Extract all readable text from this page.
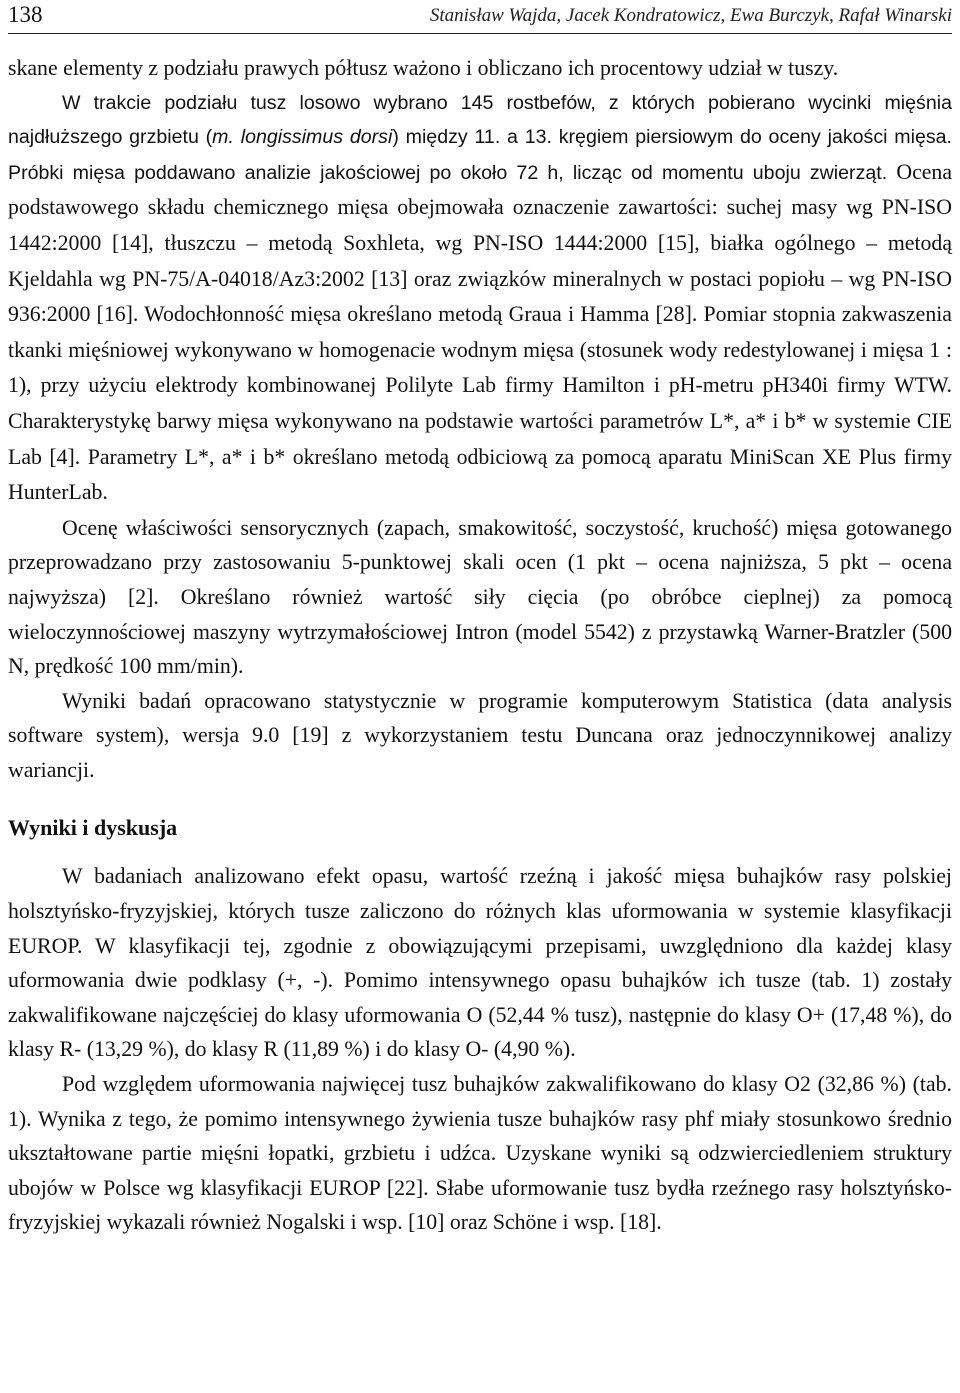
138	Stanisław Wajda, Jacek Kondratowicz, Ewa Burczyk, Rafał Winarski

skane elementy z podziału prawych półtusz ważono i obliczano ich procentowy udział w tuszy.

W trakcie podziału tusz losowo wybrano 145 rostbefów, z których pobierano wycinki mięśnia najdłuższego grzbietu (m. longissimus dorsi) między 11. a 13. kręgiem piersiowym do oceny jakości mięsa. Próbki mięsa poddawano analizie jakościowej po około 72 h, licząc od momentu uboju zwierząt. Ocena podstawowego składu chemicznego mięsa obejmowała oznaczenie zawartości: suchej masy wg PN-ISO 1442:2000 [14], tłuszczu – metodą Soxhleta, wg PN-ISO 1444:2000 [15], białka ogólnego – metodą Kjeldahla wg PN-75/A-04018/Az3:2002 [13] oraz związków mineralnych w postaci popiołu – wg PN-ISO 936:2000 [16]. Wodochłonność mięsa określano metodą Graua i Hamma [28]. Pomiar stopnia zakwaszenia tkanki mięśniowej wykonywano w homogenacie wodnym mięsa (stosunek wody redestylowanej i mięsa 1 : 1), przy użyciu elektrody kombinowanej Polilyte Lab firmy Hamilton i pH-metru pH340i firmy WTW. Charakterystykę barwy mięsa wykonywano na podstawie wartości parametrów L*, a* i b* w systemie CIE Lab [4]. Parametry L*, a* i b* określano metodą odbiciową za pomocą aparatu MiniScan XE Plus firmy HunterLab.

Ocenę właściwości sensorycznych (zapach, smakowitość, soczystość, kruchość) mięsa gotowanego przeprowadzano przy zastosowaniu 5-punktowej skali ocen (1 pkt – ocena najniższa, 5 pkt – ocena najwyższa) [2]. Określano również wartość siły cięcia (po obróbce cieplnej) za pomocą wieloczynnościowej maszyny wytrzymałościowej Intron (model 5542) z przystawką Warner-Bratzler (500 N, prędkość 100 mm/min).

Wyniki badań opracowano statystycznie w programie komputerowym Statistica (data analysis software system), wersja 9.0 [19] z wykorzystaniem testu Duncana oraz jednoczynnikowej analizy wariancji.

Wyniki i dyskusja

W badaniach analizowano efekt opasu, wartość rzeźną i jakość mięsa buhajków rasy polskiej holsztyńsko-fryzyjskiej, których tusze zaliczono do różnych klas uformowania w systemie klasyfikacji EUROP. W klasyfikacji tej, zgodnie z obowiązującymi przepisami, uwzględniono dla każdej klasy uformowania dwie podklasy (+, -). Pomimo intensywnego opasu buhajków ich tusze (tab. 1) zostały zakwalifikowane najczęściej do klasy uformowania O (52,44 % tusz), następnie do klasy O+ (17,48 %), do klasy R- (13,29 %), do klasy R (11,89 %) i do klasy O- (4,90 %).

Pod względem uformowania najwięcej tusz buhajków zakwalifikowano do klasy O2 (32,86 %) (tab. 1). Wynika z tego, że pomimo intensywnego żywienia tusze buhajków rasy phf miały stosunkowo średnio ukształtowane partie mięśni łopatki, grzbietu i udźca. Uzyskane wyniki są odzwierciedleniem struktury ubojów w Polsce wg klasyfikacji EUROP [22]. Słabe uformowanie tusz bydła rzeźnego rasy holsztyńsko-fryzyjskiej wykazali również Nogalski i wsp. [10] oraz Schöne i wsp. [18].
